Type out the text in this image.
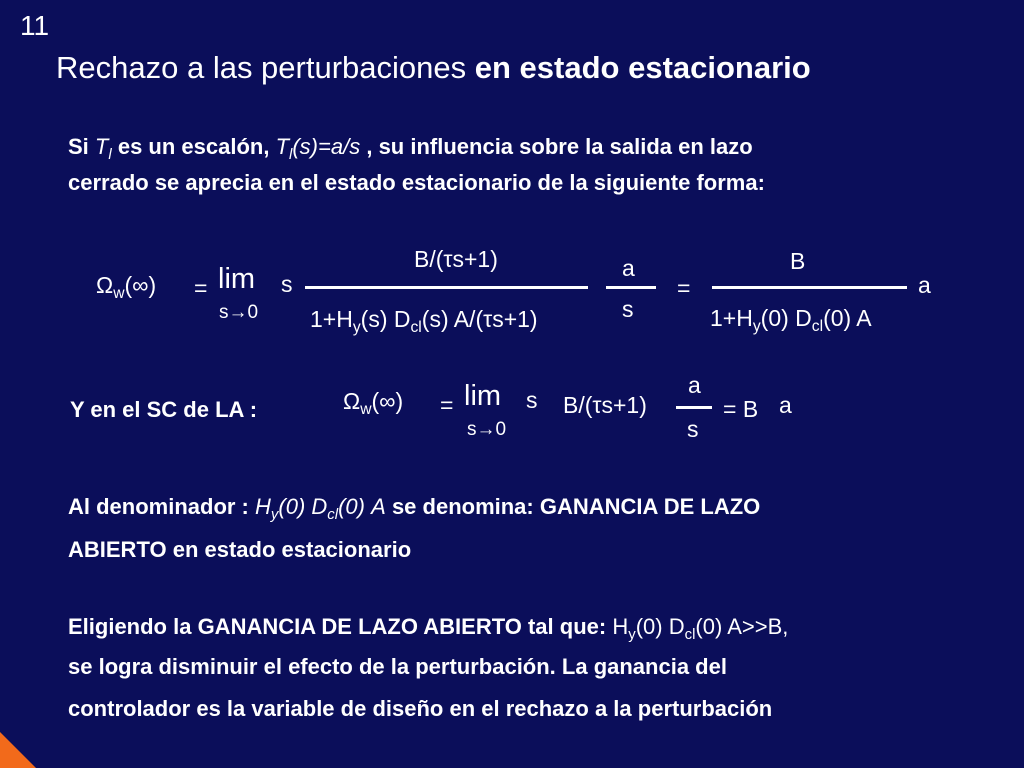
11
Rechazo a las perturbaciones en estado estacionario
Si $T_l$ es un escalón, $T_l(s)=a/s$ , su influencia sobre la salida en lazo
cerrado se aprecia en el estado estacionario de la siguiente forma:
$\Omega_w(\infty) = \lim$
s→0
s
B/(τs+1)
$1+H_y(s)$ $D_{cl}(s)$ A/(τs+1)
a
s
=
B
$1+H_y(0)$ $D_{cl}(0)$ A
a
Y en el SC de LA :	$\Omega_w(\infty) = \lim$
s→0
s B/(τs+1)
a
s
= B a
Al denominador : $H_y(0)$ $D_{cl}(0)$ A se denomina: GANANCIA DE LAZO
ABIERTO en estado estacionario
Eligiendo la GANANCIA DE LAZO ABIERTO tal que: $H_y(0)$ $D_{cl}(0)$ A>>B,
se logra disminuir el efecto de la perturbación. La ganancia del
controlador es la variable de diseño en el rechazo a la perturbación
